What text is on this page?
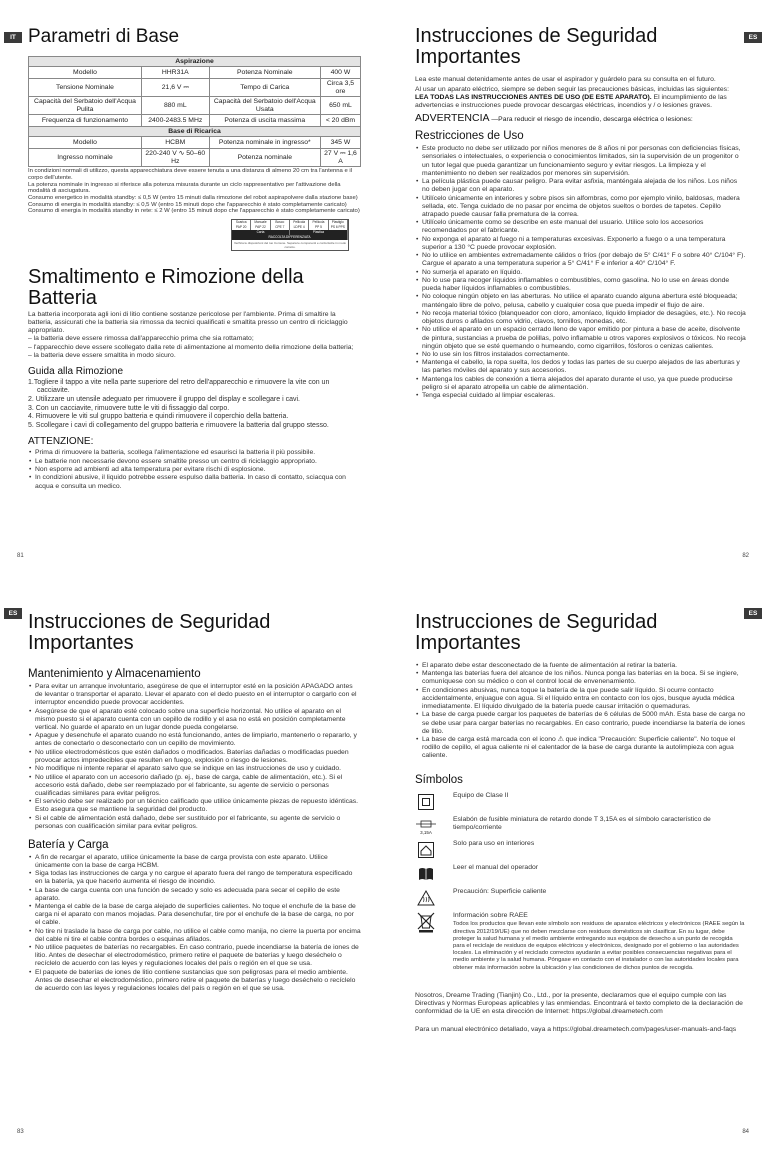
IT Parametri di Base
Aspirazione			
Modello	HHR31A	Potenza Nominale	400 W
Tensione Nominale	21,6 V ⎓	Tempo di Carica	Circa 3,5 ore
Capacità del Serbatoio dell'Acqua Pulita	880 mL	Capacità del Serbatoio dell'Acqua Usata	650 mL
Frequenza di funzionamento	2400-2483.5 MHz	Potenza di uscita massima	< 20 dBm
Base di Ricarica			
Modello	HCBM	Potenza nominale in ingresso*	345 W
Ingresso nominale	220-240 V ∿ 50–60 Hz	Potenza nominale	27 V ⎓ 1,6 A

In condizioni normali di utilizzo, questa apparecchiatura deve essere tenuta a una distanza di almeno 20 cm tra l'antenna e il corpo dell'utente.

La potenza nominale in ingresso si riferisce alla potenza misurata durante un ciclo rappresentativo per l'attivazione della modalità di asciugatura.

Consumo energetico in modalità standby: ≤ 0,5 W (entro 15 minuti dalla rimozione del robot aspirapolvere dalla stazione base)

Consumo di energia in modalità standby: ≤ 0,5 W (entro 15 minuti dopo che l'apparecchio è stato completamente caricato)

Consumo di energia in modalità standby in rete: ≤ 2 W (entro 15 minuti dopo che l'apparecchio è stato completamente caricato)

Scarica	Manuale	Bosco	Pellicola	Pellicola	Plastiglo
PAP 20	PAP 22	CPE 7	LDPE 4	PP 5	PS 6 PPS
Carta	Plastica
RACCOLTA DIFFERENZIATA
Verifica le disposizioni del tuo Comune. Separa le componenti e conferiscile in modo corretto.
Smaltimento e Rimozione della Batteria

La batteria incorporata agli ioni di litio contiene sostanze pericolose per l'ambiente. Prima di smaltire la batteria, assicurati che la batteria sia rimossa da tecnici qualificati e smaltita presso un centro di riciclaggio appropriato.

– la batteria deve essere rimossa dall'apparecchio prima che sia rottamato;

– l'apparecchio deve essere scollegato dalla rete di alimentazione al momento della rimozione della batteria;

– la batteria deve essere smaltita in modo sicuro.

Guida alla Rimozione
1.Togliere il tappo a vite nella parte superiore del retro dell'apparecchio e rimuovere la vite con un cacciavite.
2. Utilizzare un utensile adeguato per rimuovere il gruppo del display e scollegare i cavi.
3. Con un cacciavite, rimuovere tutte le viti di fissaggio dal corpo.
4. Rimuovere le viti sul gruppo batteria e quindi rimuovere il coperchio della batteria.
5. Scollegare i cavi di collegamento del gruppo batteria e rimuovere la batteria dal gruppo stesso.
ATTENZIONE:
• Prima di rimuovere la batteria, scollega l'alimentazione ed esaurisci la batteria il più possibile.
• Le batterie non necessarie devono essere smaltite presso un centro di riciclaggio appropriato.
• Non esporre ad ambienti ad alta temperatura per evitare rischi di esplosione.
• In condizioni abusive, il liquido potrebbe essere espulso dalla batteria. In caso di contatto, sciacqua con acqua e consulta un medico.
81
ES
Instrucciones de Seguridad
Importantes

Lea este manual detenidamente antes de usar el aspirador y guárdelo para su consulta en el futuro.

Al usar un aparato eléctrico, siempre se deben seguir las precauciones básicas, incluidas las siguientes:

LEA TODAS LAS INSTRUCCIONES ANTES DE USO (DE ESTE APARATO). El incumplimiento de las advertencias e instrucciones puede provocar descargas eléctricas, incendios y / o lesiones graves.

ADVERTENCIA —Para reducir el riesgo de incendio, descarga eléctrica o lesiones:
Restricciones de Uso
• Este producto no debe ser utilizado por niños menores de 8 años ni por personas con deficiencias físicas, sensoriales o intelectuales, o experiencia o conocimientos limitados, sin la supervisión de un progenitor o un tutor legal que pueda garantizar un funcionamiento seguro y evitar riesgos. La limpieza y el mantenimiento no deben ser realizados por menores sin supervisión.
• La película plástica puede causar peligro. Para evitar asfixia, manténgala alejada de los niños. Los niños no deben jugar con el aparato.
• Utilícelo únicamente en interiores y sobre pisos sin alfombras, como por ejemplo vinilo, baldosas, madera sellada, etc. Tenga cuidado de no pasar por encima de objetos sueltos o bordes de tapetes. Cepillo atrapado puede causar falla prematura de la correa.
• Utilícelo únicamente como se describe en este manual del usuario. Utilice solo los accesorios recomendados por el fabricante.
• No exponga el aparato al fuego ni a temperaturas excesivas. Exponerlo a fuego o a una temperatura superior a 130 °C puede provocar explosión.
• No lo utilice en ambientes extremadamente cálidos o fríos (por debajo de 5° C/41° F o sobre 40° C/104° F). Cargue el aparato a una temperatura superior a 5° C/41° F e inferior a 40° C/104° F.
• No sumerja el aparato en líquido.
• No lo use para recoger líquidos inflamables o combustibles, como gasolina. No lo use en áreas donde pueda haber líquidos inflamables o combustibles.
• No coloque ningún objeto en las aberturas. No utilice el aparato cuando alguna abertura esté bloqueada; manténgalo libre de polvo, pelusa, cabello y cualquier cosa que pueda impedir el flujo de aire.
• No recoja material tóxico (blanqueador con cloro, amoníaco, líquido limpiador de desagües, etc.). No recoja objetos duros o afilados como vidrio, clavos, tornillos, monedas, etc.
• No utilice el aparato en un espacio cerrado lleno de vapor emitido por pintura a base de aceite, disolvente de pintura, sustancias a prueba de polillas, polvo inflamable u otros vapores explosivos o tóxicos. No recoja ningún objeto que se esté quemando o humeando, como cigarrillos, fósforos o cenizas calientes.
• No lo use sin los filtros instalados correctamente.
• Mantenga el cabello, la ropa suelta, los dedos y todas las partes de su cuerpo alejados de las aberturas y las partes móviles del aparato y sus accesorios.
• Mantenga los cables de conexión a tierra alejados del aparato durante el uso, ya que puede producirse peligro si el aparato atropella un cable de alimentación.
• Tenga especial cuidado al limpiar escaleras.
82
ES Instrucciones de Seguridad
Importantes
Mantenimiento y Almacenamiento
• Para evitar un arranque involuntario, asegúrese de que el interruptor esté en la posición APAGADO antes de levantar o transportar el aparato. Llevar el aparato con el dedo puesto en el interruptor o cargarlo con el interruptor encendido puede provocar accidentes.
• Asegúrese de que el aparato esté colocado sobre una superficie horizontal. No utilice el aparato en el mismo puesto si el aparato cuenta con un cepillo de rodillo y el asa no está en posición completamente vertical. No guarde el aparato en un lugar donde pueda congelarse.
• Apague y desenchufe el aparato cuando no está funcionando, antes de limpiarlo, mantenerlo o repararlo, y antes de conectarlo o desconectarlo con un cepillo de movimiento.
• No utilice electrodomésticos que estén dañados o modificados. Baterías dañadas o modificadas pueden provocar actos impredecibles que resulten en fuego, explosión o riesgo de lesiones.
• No modifique ni intente reparar el aparato salvo que se indique en las instrucciones de uso y cuidado.
• No utilice el aparato con un accesorio dañado (p. ej., base de carga, cable de alimentación, etc.). Si el accesorio está dañado, debe ser reemplazado por el fabricante, su agente de servicio o personas cualificadas similares para evitar peligros.
• El servicio debe ser realizado por un técnico calificado que utilice únicamente piezas de repuesto idénticas. Esto asegura que se mantiene la seguridad del producto.
• Si el cable de alimentación está dañado, debe ser sustituido por el fabricante, su agente de servicio o personas con cualificación similar para evitar peligros.
Batería y Carga
• A fin de recargar el aparato, utilice únicamente la base de carga provista con este aparato. Utilice únicamente con la base de carga HCBM.
• Siga todas las instrucciones de carga y no cargue el aparato fuera del rango de temperatura especificado en la batería, ya que hacerlo aumenta el riesgo de incendio.
• La base de carga cuenta con una función de secado y solo es adecuada para secar el cepillo de este aparato.
• Mantenga el cable de la base de carga alejado de superficies calientes. No toque el enchufe de la base de carga ni el aparato con manos mojadas. Para desenchufar, tire por el enchufe de la base de carga, no por el cable.
• No tire ni traslade la base de carga por cable, no utilice el cable como manija, no cierre la puerta por encima del cable ni tire el cable contra bordes o esquinas afilados.
• No utilice paquetes de baterías no recargables. En caso contrario, puede incendiarse la batería de iones de litio. Antes de desechar el electrodoméstico, primero retire el paquete de baterías y luego deséchelo o recíclelo de acuerdo con las leyes y regulaciones locales del país o región en el que se usa.
• El paquete de baterías de iones de litio contiene sustancias que son peligrosas para el medio ambiente. Antes de desechar el electrodoméstico, primero retire el paquete de baterías y luego deséchelo o recíclelo de acuerdo con las leyes y regulaciones locales del país o región en el que se usa.
83
ES
Instrucciones de Seguridad
Importantes
• El aparato debe estar desconectado de la fuente de alimentación al retirar la batería.
• Mantenga las baterías fuera del alcance de los niños. Nunca ponga las baterías en la boca. Si se ingiere, comuníquese con su médico o con el control local de envenenamiento.
• En condiciones abusivas, nunca toque la batería de la que puede salir líquido. Si ocurre contacto accidentalmente, enjuague con agua. Si el líquido entra en contacto con los ojos, busque ayuda médica inmediatamente. El líquido divulgado de la batería puede causar irritación o quemaduras.
• La base de carga puede cargar los paquetes de baterías de 6 células de 5000 mAh. Esta base de carga no se debe usar para cargar baterías no recargables. En caso contrario, puede incendiarse la batería de iones de litio.
• La base de carga está marcada con el icono ⚠ que indica "Precaución: Superficie caliente". No toque el rodillo de cepillo, el agua caliente ni el calentador de la base de carga durante la autolimpieza con agua caliente.
Símbolos

Equipo de Clase II

3,15A

Eslabón de fusible miniatura de retardo donde T 3,15A es el símbolo característico de tiempo/corriente

Solo para uso en interiores

Leer el manual del operador

Precaución: Superficie caliente

Información sobre RAEE

Todos los productos que llevan este símbolo son residuos de aparatos eléctricos y electrónicos (RAEE según la directiva 2012/19/UE) que no deben mezclarse con residuos domésticos sin clasificar. En su lugar, debe proteger la salud humana y el medio ambiente entregando sus equipos de desecho a un punto de recogida para el reciclaje de residuos de equipos eléctricos y electrónicos, designado por el gobierno o las autoridades locales. La eliminación y el reciclado correctos ayudarán a evitar posibles consecuencias negativas para el medio ambiente y la salud humana. Póngase en contacto con el instalador o con las autoridades locales para obtener más información sobre la ubicación y las condiciones de dichos puntos de recogida.

Nosotros, Dreame Trading (Tianjin) Co., Ltd., por la presente, declaramos que el equipo cumple con las Directivas y Normas Europeas aplicables y las enmiendas. Encontrará el texto completo de la declaración de conformidad de la UE en esta dirección de Internet: https://global.dreametech.com

Para un manual electrónico detallado, vaya a https://global.dreametech.com/pages/user-manuals-and-faqs

84
